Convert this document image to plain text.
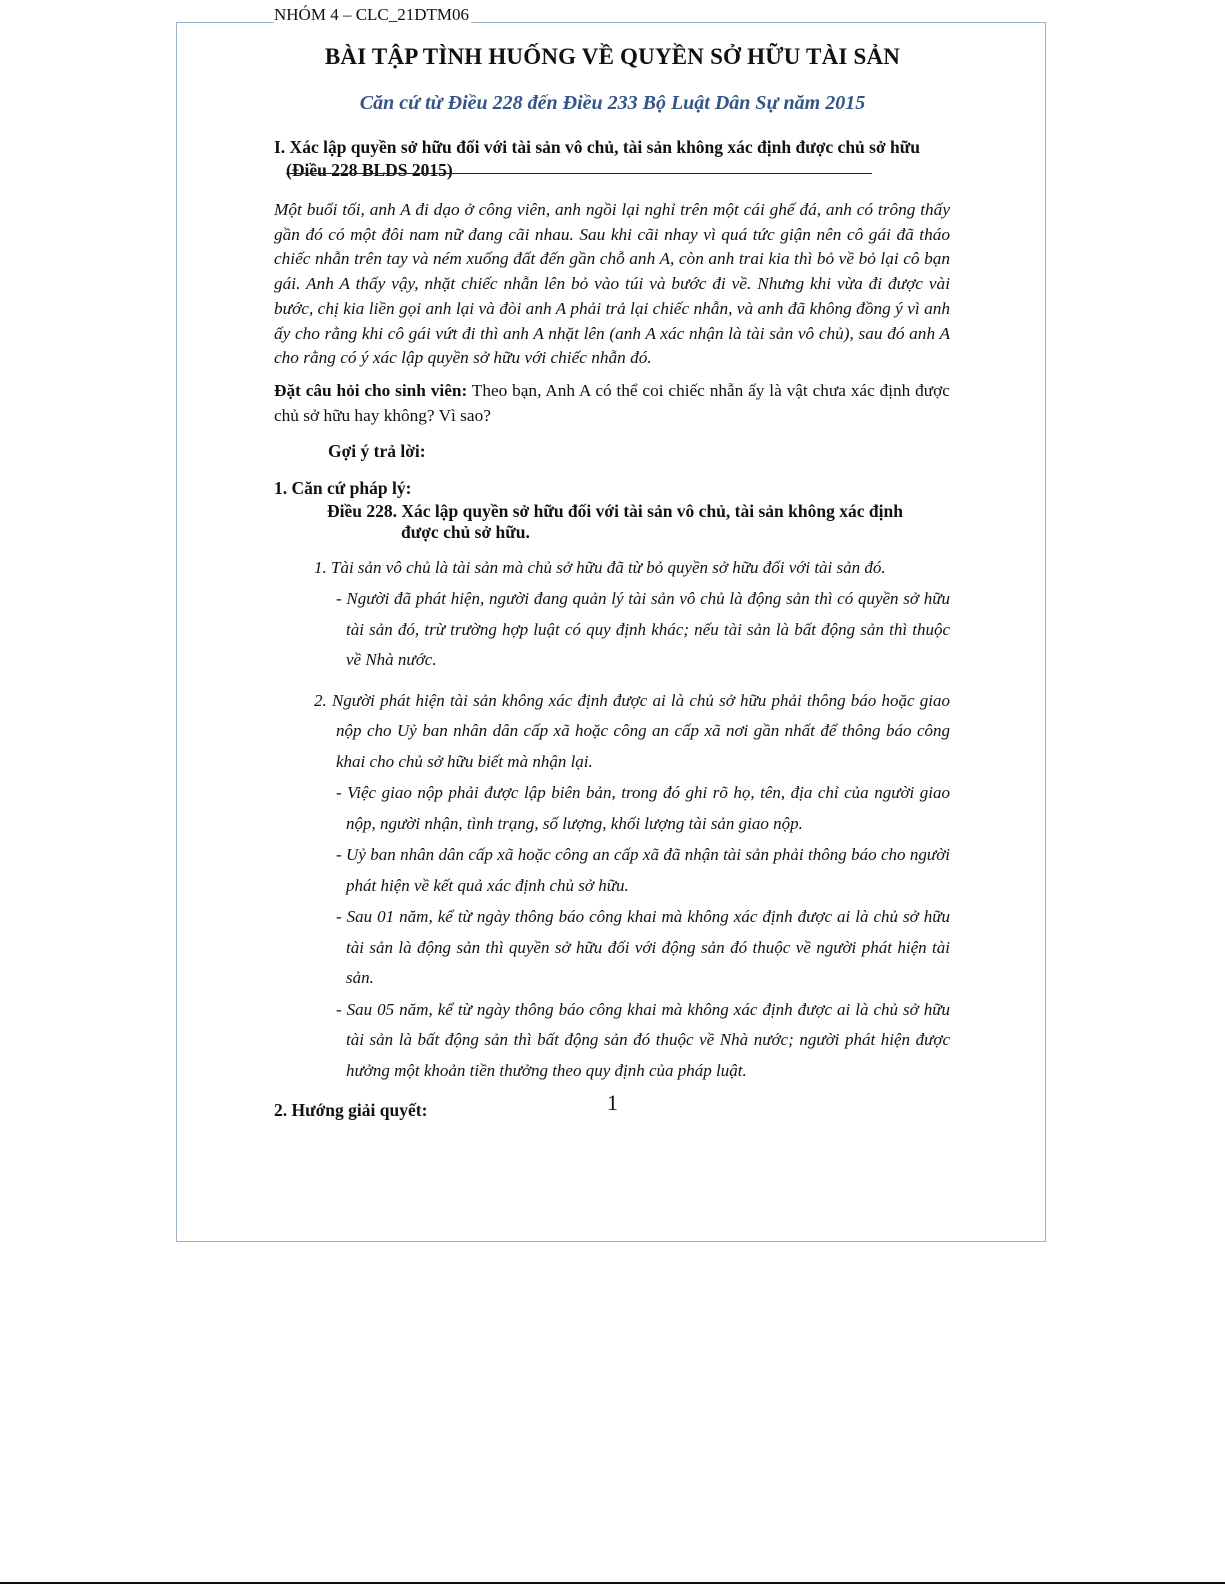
NHÓM 4 – CLC_21DTM06
BÀI TẬP TÌNH HUỐNG VỀ QUYỀN SỞ HỮU TÀI SẢN
Căn cứ từ Điều 228 đến Điều 233 Bộ Luật Dân Sự năm 2015
I. Xác lập quyền sở hữu đối với tài sản vô chủ, tài sản không xác định được chủ sở hữu
(Điều 228 BLDS 2015)
Một buổi tối, anh A đi dạo ở công viên, anh ngồi lại nghỉ trên một cái ghế đá, anh có trông thấy gần đó có một đôi nam nữ đang cãi nhau. Sau khi cãi nhay vì quá tức giận nên cô gái đã tháo chiếc nhẫn trên tay và ném xuống đất đến gần chỗ anh A, còn anh trai kia thì bỏ về bỏ lại cô bạn gái. Anh A thấy vậy, nhặt chiếc nhẫn lên bỏ vào túi và bước đi về. Nhưng khi vừa đi được vài bước, chị kia liền gọi anh lại và đòi anh A phải trả lại chiếc nhẫn, và anh đã không đồng ý vì anh ấy cho rằng khi cô gái vứt đi thì anh A nhặt lên (anh A xác nhận là tài sản vô chủ), sau đó anh A cho rằng có ý xác lập quyền sở hữu với chiếc nhẫn đó.
Đặt câu hỏi cho sinh viên: Theo bạn, Anh A có thể coi chiếc nhẫn ấy là vật chưa xác định được chủ sở hữu hay không? Vì sao?
Gợi ý trả lời:
1. Căn cứ pháp lý:
Điều 228. Xác lập quyền sở hữu đối với tài sản vô chủ, tài sản không xác định
được chủ sở hữu.
1. Tài sản vô chủ là tài sản mà chủ sở hữu đã từ bỏ quyền sở hữu đối với tài sản đó.
- Người đã phát hiện, người đang quản lý tài sản vô chủ là động sản thì có quyền sở hữu tài sản đó, trừ trường hợp luật có quy định khác; nếu tài sản là bất động sản thì thuộc về Nhà nước.
2. Người phát hiện tài sản không xác định được ai là chủ sở hữu phải thông báo hoặc giao nộp cho Uỷ ban nhân dân cấp xã hoặc công an cấp xã nơi gần nhất để thông báo công khai cho chủ sở hữu biết mà nhận lại.
- Việc giao nộp phải được lập biên bản, trong đó ghi rõ họ, tên, địa chỉ của người giao nộp, người nhận, tình trạng, số lượng, khối lượng tài sản giao nộp.
- Uỷ ban nhân dân cấp xã hoặc công an cấp xã đã nhận tài sản phải thông báo cho người phát hiện về kết quả xác định chủ sở hữu.
- Sau 01 năm, kể từ ngày thông báo công khai mà không xác định được ai là chủ sở hữu tài sản là động sản thì quyền sở hữu đối với động sản đó thuộc về người phát hiện tài sản.
- Sau 05 năm, kể từ ngày thông báo công khai mà không xác định được ai là chủ sở hữu tài sản là bất động sản thì bất động sản đó thuộc về Nhà nước; người phát hiện được hưởng một khoản tiền thưởng theo quy định của pháp luật.
2. Hướng giải quyết:	1
